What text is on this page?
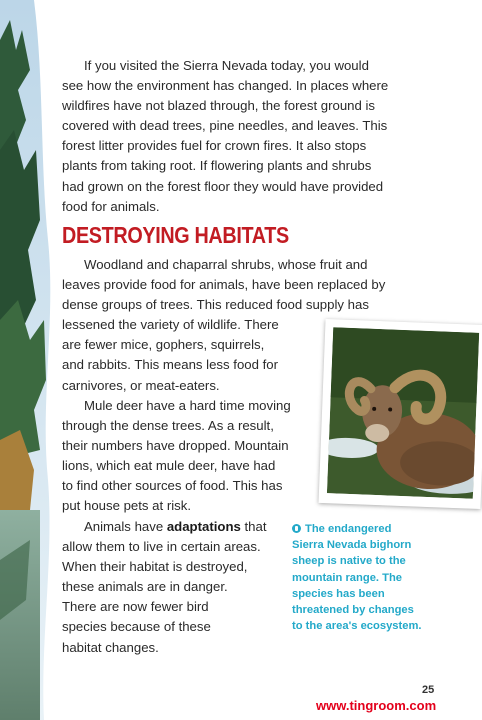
If you visited the Sierra Nevada today, you would
see how the environment has changed. In places where
wildfires have not blazed through, the forest ground is
covered with dead trees, pine needles, and leaves. This
forest litter provides fuel for crown fires. It also stops
plants from taking root. If flowering plants and shrubs
had grown on the forest floor they would have provided
food for animals.
DESTROYING HABITATS
Woodland and chaparral shrubs, whose fruit and
leaves provide food for animals, have been replaced by
dense groups of trees. This reduced food supply has
lessened the variety of wildlife. There
are fewer mice, gophers, squirrels,
and rabbits. This means less food for
carnivores, or meat-eaters.
Mule deer have a hard time moving
through the dense trees. As a result,
their numbers have dropped. Mountain
lions, which eat mule deer, have had
to find other sources of food. This has
put house pets at risk.
Animals have adaptations that
allow them to live in certain areas.
When their habitat is destroyed,
these animals are in danger.
There are now fewer bird
species because of these
habitat changes.
The endangered
Sierra Nevada bighorn
sheep is native to the
mountain range. The
species has been
threatened by changes
to the area's ecosystem.
25
www.tingroom.com
